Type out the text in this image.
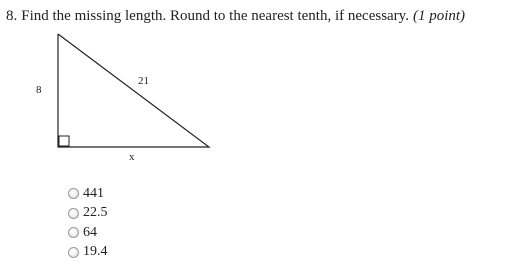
8. Find the missing length. Round to the nearest tenth, if necessary. (1 point)
8
21
x
441
22.5
64
19.4
